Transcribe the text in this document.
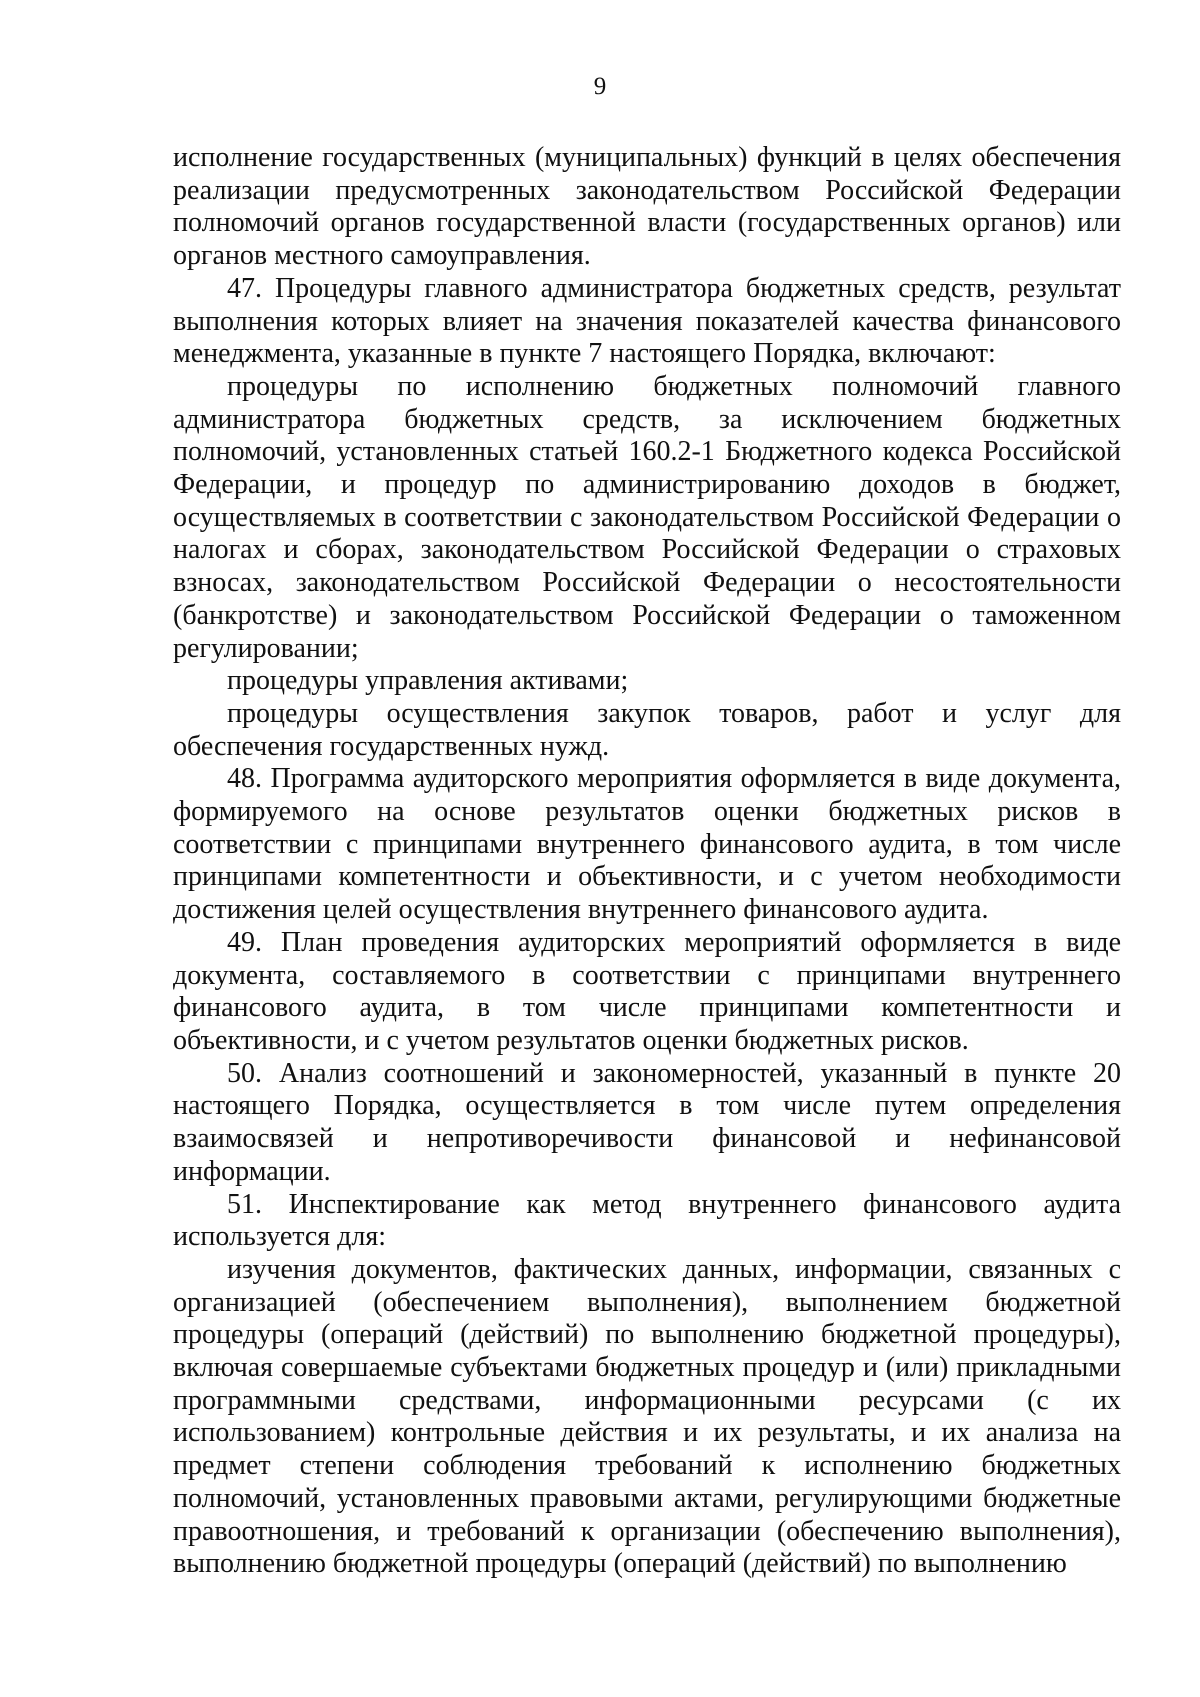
9

исполнение государственных (муниципальных) функций в целях обеспечения реализации предусмотренных законодательством Российской Федерации полномочий органов государственной власти (государственных органов) или органов местного самоуправления.

47. Процедуры главного администратора бюджетных средств, результат выполнения которых влияет на значения показателей качества финансового менеджмента, указанные в пункте 7 настоящего Порядка, включают:

процедуры по исполнению бюджетных полномочий главного администратора бюджетных средств, за исключением бюджетных полномочий, установленных статьей 160.2-1 Бюджетного кодекса Российской Федерации, и процедур по администрированию доходов в бюджет, осуществляемых в соответствии с законодательством Российской Федерации о налогах и сборах, законодательством Российской Федерации о страховых взносах, законодательством Российской Федерации о несостоятельности (банкротстве) и законодательством Российской Федерации о таможенном регулировании;

процедуры управления активами;

процедуры осуществления закупок товаров, работ и услуг для обеспечения государственных нужд.

48. Программа аудиторского мероприятия оформляется в виде документа, формируемого на основе результатов оценки бюджетных рисков в соответствии с принципами внутреннего финансового аудита, в том числе принципами компетентности и объективности, и с учетом необходимости достижения целей осуществления внутреннего финансового аудита.

49. План проведения аудиторских мероприятий оформляется в виде документа, составляемого в соответствии с принципами внутреннего финансового аудита, в том числе принципами компетентности и объективности, и с учетом результатов оценки бюджетных рисков.

50. Анализ соотношений и закономерностей, указанный в пункте 20 настоящего Порядка, осуществляется в том числе путем определения взаимосвязей и непротиворечивости финансовой и нефинансовой информации.

51. Инспектирование как метод внутреннего финансового аудита используется для:

изучения документов, фактических данных, информации, связанных с организацией (обеспечением выполнения), выполнением бюджетной процедуры (операций (действий) по выполнению бюджетной процедуры), включая совершаемые субъектами бюджетных процедур и (или) прикладными программными средствами, информационными ресурсами (с их использованием) контрольные действия и их результаты, и их анализа на предмет степени соблюдения требований к исполнению бюджетных полномочий, установленных правовыми актами, регулирующими бюджетные правоотношения, и требований к организации (обеспечению выполнения), выполнению бюджетной процедуры (операций (действий) по выполнению
